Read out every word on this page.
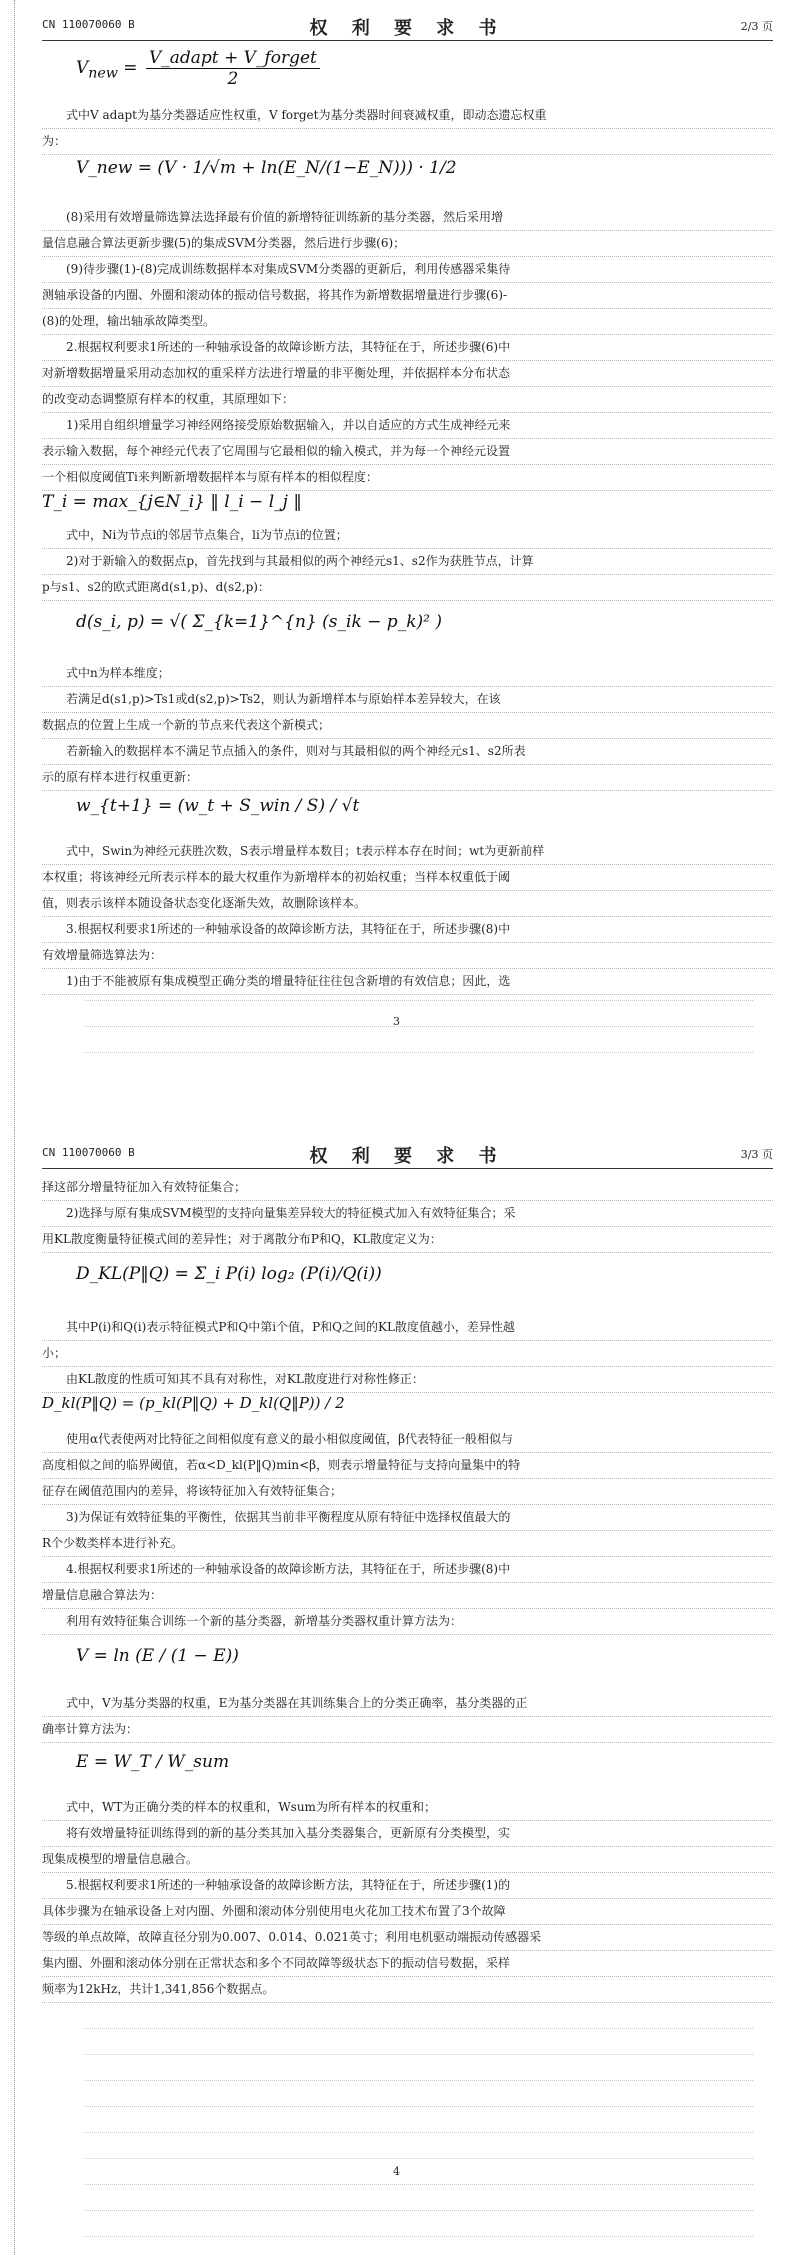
CN 110070060 B	权 利 要 求 书	2/3 页
$V_{new} = \frac{\text{V\_adapt + V\_forget}}{2}$
式中V adapt为基分类器适应性权重，V forget为基分类器时间衰减权重，即动态遗忘权重
为：
V_new = (V · 1/√m + ln(E_N/(1−E_N))) · 1/2
(8)采用有效增量筛选算法选择最有价值的新增特征训练新的基分类器，然后采用增
量信息融合算法更新步骤(5)的集成SVM分类器，然后进行步骤(6)；
(9)待步骤(1)-(8)完成训练数据样本对集成SVM分类器的更新后，利用传感器采集待
测轴承设备的内圈、外圈和滚动体的振动信号数据，将其作为新增数据增量进行步骤(6)-
(8)的处理，输出轴承故障类型。
2.根据权利要求1所述的一种轴承设备的故障诊断方法，其特征在于，所述步骤(6)中
对新增数据增量采用动态加权的重采样方法进行增量的非平衡处理，并依据样本分布状态
的改变动态调整原有样本的权重，其原理如下：
1)采用自组织增量学习神经网络接受原始数据输入，并以自适应的方式生成神经元来
表示输入数据，每个神经元代表了它周围与它最相似的输入模式，并为每一个神经元设置
一个相似度阈值Ti来判断新增数据样本与原有样本的相似程度：
T_i = max_{j∈N_i} ‖ l_i − l_j ‖
式中，Ni为节点i的邻居节点集合，li为节点i的位置；
2)对于新输入的数据点p，首先找到与其最相似的两个神经元s1、s2作为获胜节点，计算
p与s1、s2的欧式距离d(s1,p)、d(s2,p)：
d(s_i, p) = √( Σ_{k=1}^{n} (s_ik − p_k)² )
式中n为样本维度；
若满足d(s1,p)>Ts1或d(s2,p)>Ts2，则认为新增样本与原始样本差异较大，在该
数据点的位置上生成一个新的节点来代表这个新模式；
若新输入的数据样本不满足节点插入的条件，则对与其最相似的两个神经元s1、s2所表
示的原有样本进行权重更新：
w_{t+1} = (w_t + S_win / S) / √t
式中，Swin为神经元获胜次数，S表示增量样本数目；t表示样本存在时间；wt为更新前样
本权重；将该神经元所表示样本的最大权重作为新增样本的初始权重；当样本权重低于阈
值，则表示该样本随设备状态变化逐渐失效，故删除该样本。
3.根据权利要求1所述的一种轴承设备的故障诊断方法，其特征在于，所述步骤(8)中
有效增量筛选算法为：
1)由于不能被原有集成模型正确分类的增量特征往往包含新增的有效信息；因此，选
3
CN 110070060 B	权 利 要 求 书	3/3 页
择这部分增量特征加入有效特征集合；
2)选择与原有集成SVM模型的支持向量集差异较大的特征模式加入有效特征集合；采
用KL散度衡量特征模式间的差异性；对于离散分布P和Q，KL散度定义为：
D_KL(P‖Q) = Σ_i P(i) log₂ (P(i)/Q(i))
其中P(i)和Q(i)表示特征模式P和Q中第i个值，P和Q之间的KL散度值越小，差异性越
小；
由KL散度的性质可知其不具有对称性，对KL散度进行对称性修正：
D_kl(P‖Q) = (p_kl(P‖Q) + D_kl(Q‖P)) / 2
使用α代表使两对比特征之间相似度有意义的最小相似度阈值，β代表特征一般相似与
高度相似之间的临界阈值，若α<D_kl(P‖Q)min<β，则表示增量特征与支持向量集中的特
征存在阈值范围内的差异，将该特征加入有效特征集合；
3)为保证有效特征集的平衡性，依据其当前非平衡程度从原有特征中选择权值最大的
R个少数类样本进行补充。
4.根据权利要求1所述的一种轴承设备的故障诊断方法，其特征在于，所述步骤(8)中
增量信息融合算法为：
利用有效特征集合训练一个新的基分类器，新增基分类器权重计算方法为：
V = ln (E / (1 − E))
式中，V为基分类器的权重，E为基分类器在其训练集合上的分类正确率，基分类器的正
确率计算方法为：
E = W_T / W_sum
式中，WT为正确分类的样本的权重和，Wsum为所有样本的权重和；
将有效增量特征训练得到的新的基分类其加入基分类器集合，更新原有分类模型，实
现集成模型的增量信息融合。
5.根据权利要求1所述的一种轴承设备的故障诊断方法，其特征在于，所述步骤(1)的
具体步骤为在轴承设备上对内圈、外圈和滚动体分别使用电火花加工技术布置了3个故障
等级的单点故障，故障直径分别为0.007、0.014、0.021英寸；利用电机驱动端振动传感器采
集内圈、外圈和滚动体分别在正常状态和多个不同故障等级状态下的振动信号数据，采样
频率为12kHz，共计1,341,856个数据点。
4
